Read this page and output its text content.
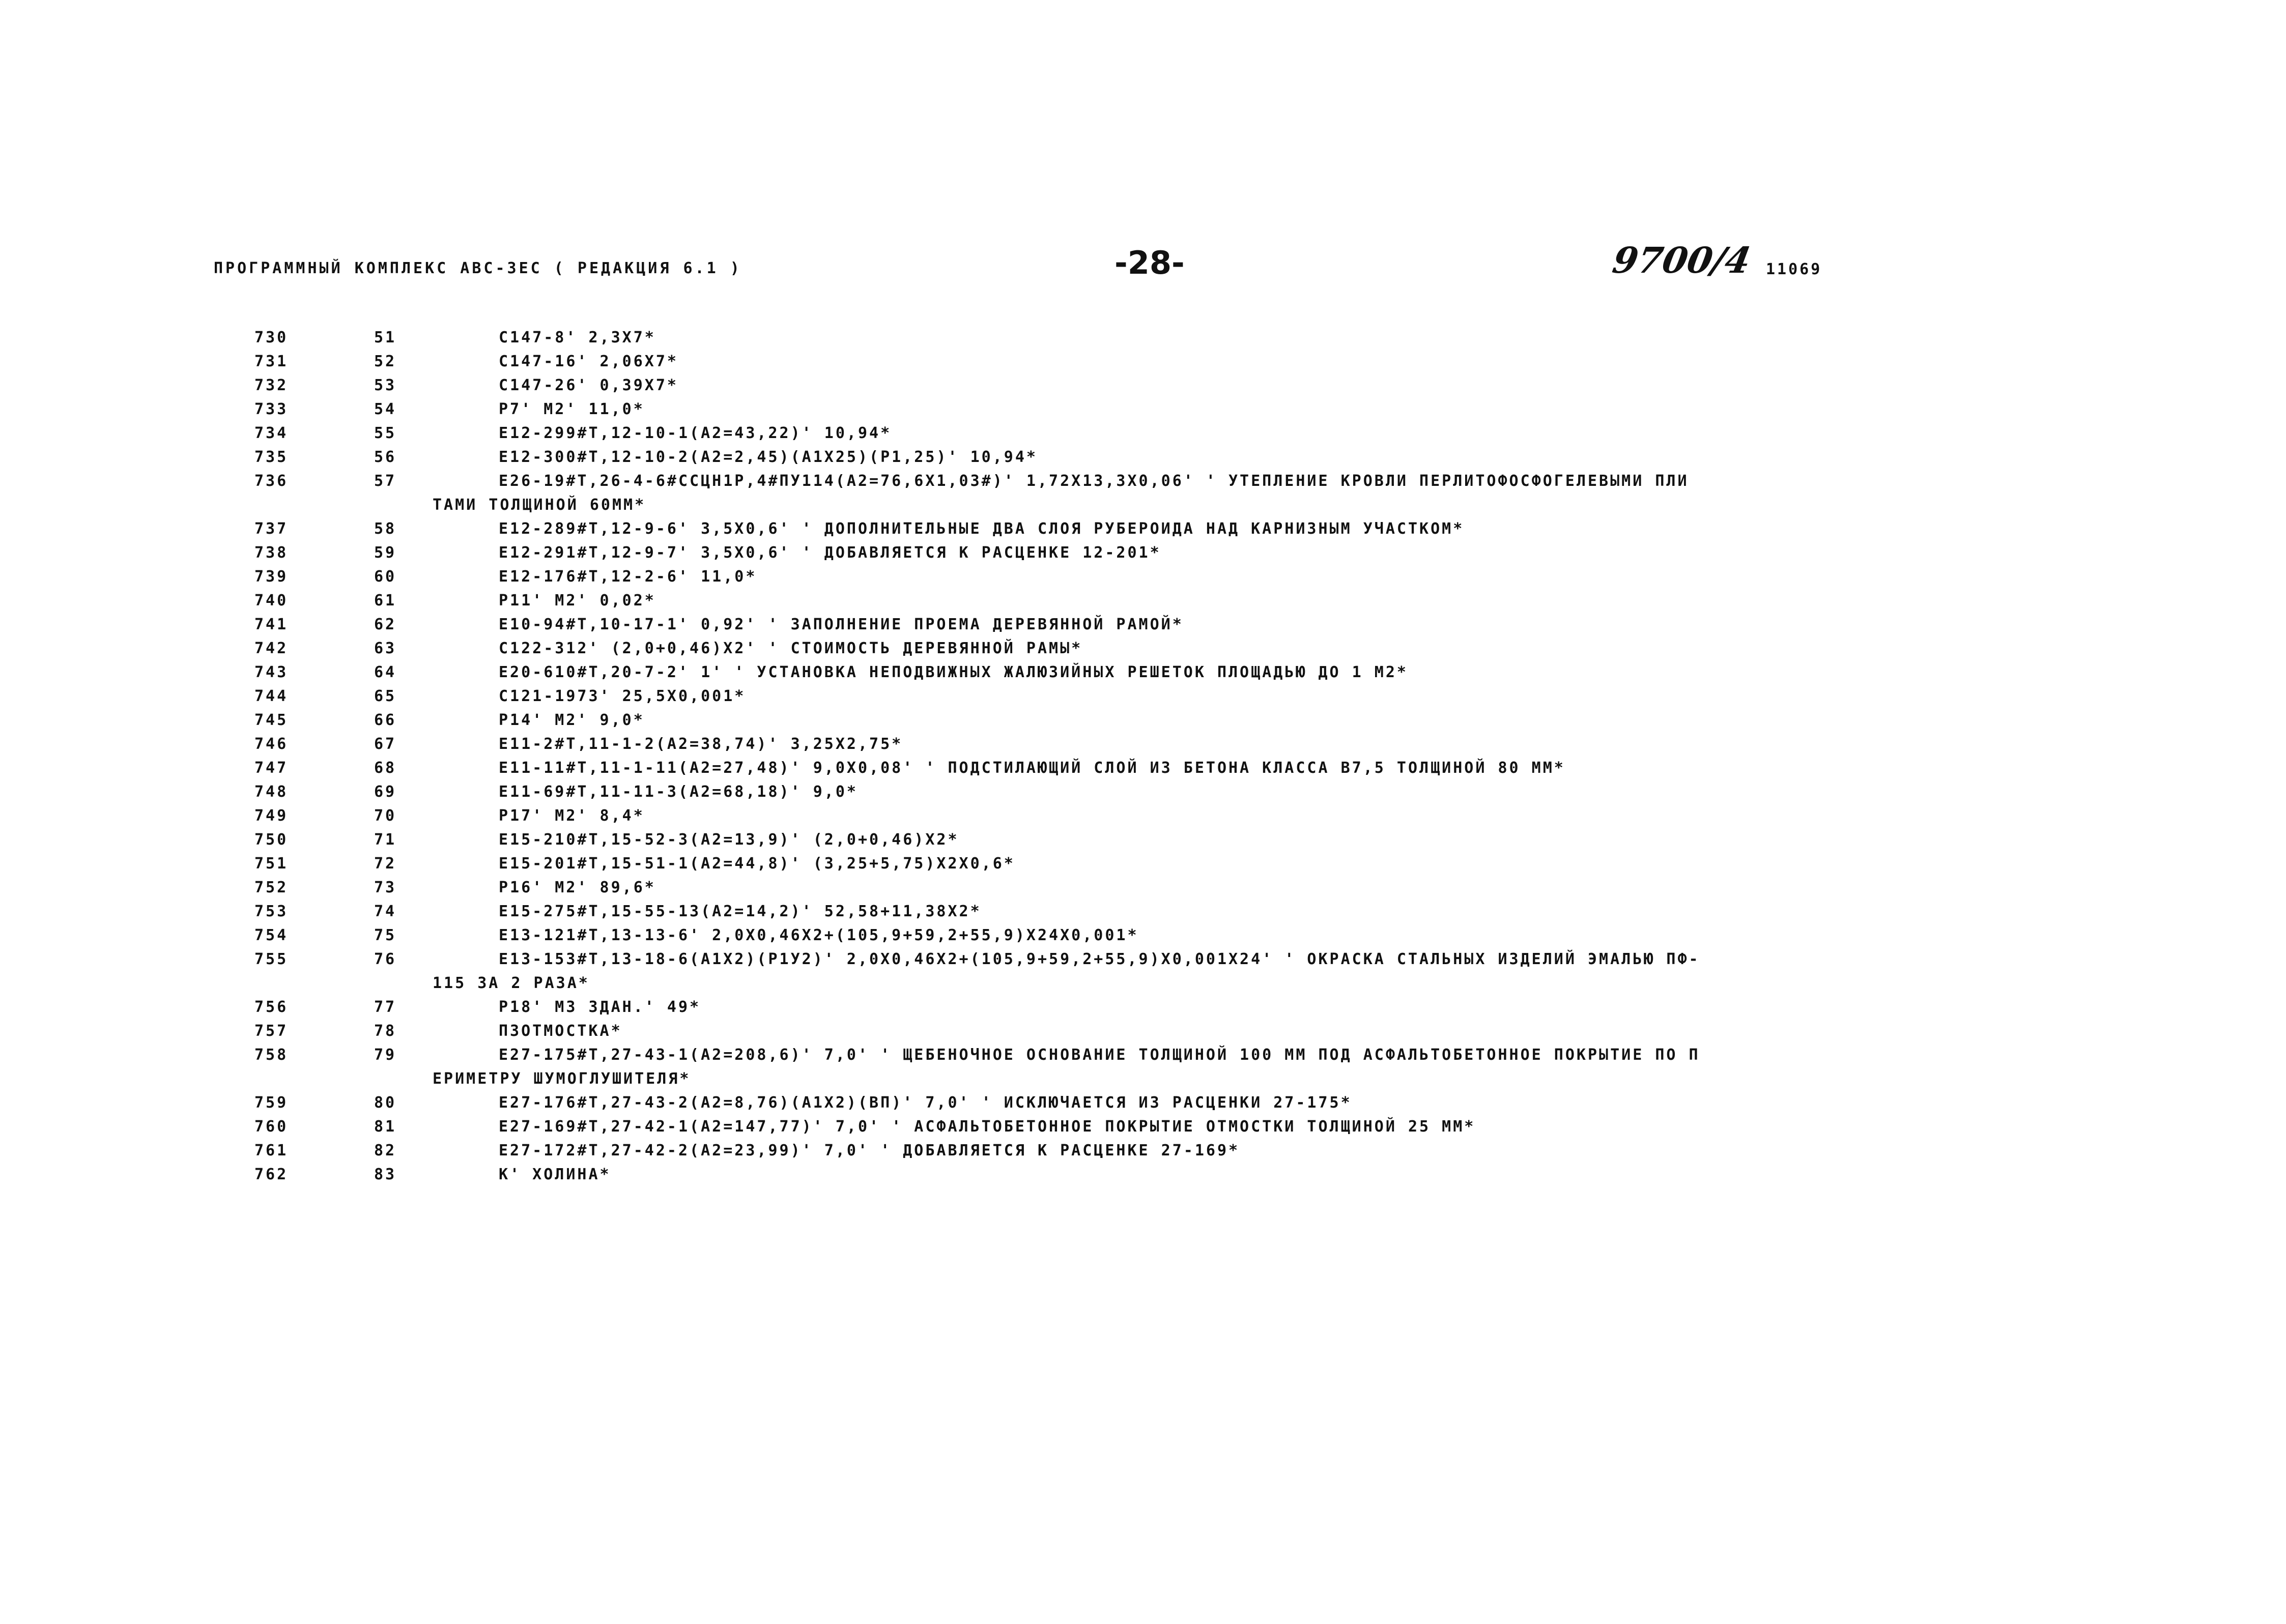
ПРОГРАММНЫЙ КОМПЛЕКС АВС-3ЕС ( РЕДАКЦИЯ 6.1 )	-28-	9700/4 11069
730	51	С147-8' 2,3Х7*
731	52	С147-16' 2,06Х7*
732	53	С147-26' 0,39Х7*
733	54	Р7' М2' 11,0*
734	55	Е12-299#Т,12-10-1(А2=43,22)' 10,94*
735	56	Е12-300#Т,12-10-2(А2=2,45)(А1Х25)(Р1,25)' 10,94*
736	57	Е26-19#Т,26-4-6#ССЦН1Р,4#ПУ114(А2=76,6Х1,03#)' 1,72Х13,3Х0,06' ' УТЕПЛЕНИЕ КРОВЛИ ПЕРЛИТОФОСФОГЕЛЕВЫМИ ПЛИ
ТАМИ ТОЛЩИНОЙ 60ММ*
737	58	Е12-289#Т,12-9-6' 3,5Х0,6' ' ДОПОЛНИТЕЛЬНЫЕ ДВА СЛОЯ РУБЕРОИДА НАД КАРНИЗНЫМ УЧАСТКОМ*
738	59	Е12-291#Т,12-9-7' 3,5Х0,6' ' ДОБАВЛЯЕТСЯ К РАСЦЕНКЕ 12-201*
739	60	Е12-176#Т,12-2-6' 11,0*
740	61	Р11' М2' 0,02*
741	62	Е10-94#Т,10-17-1' 0,92' ' ЗАПОЛНЕНИЕ ПРОЕМА ДЕРЕВЯННОЙ РАМОЙ*
742	63	С122-312' (2,0+0,46)Х2' ' СТОИМОСТЬ ДЕРЕВЯННОЙ РАМЫ*
743	64	Е20-610#Т,20-7-2' 1' ' УСТАНОВКА НЕПОДВИЖНЫХ ЖАЛЮЗИЙНЫХ РЕШЕТОК ПЛОЩАДЬЮ ДО 1 М2*
744	65	С121-1973' 25,5Х0,001*
745	66	Р14' М2' 9,0*
746	67	Е11-2#Т,11-1-2(А2=38,74)' 3,25Х2,75*
747	68	Е11-11#Т,11-1-11(А2=27,48)' 9,0Х0,08' ' ПОДСТИЛАЮЩИЙ СЛОЙ ИЗ БЕТОНА КЛАССА В7,5 ТОЛЩИНОЙ 80 ММ*
748	69	Е11-69#Т,11-11-3(А2=68,18)' 9,0*
749	70	Р17' М2' 8,4*
750	71	Е15-210#Т,15-52-3(А2=13,9)' (2,0+0,46)Х2*
751	72	Е15-201#Т,15-51-1(А2=44,8)' (3,25+5,75)Х2Х0,6*
752	73	Р16' М2' 89,6*
753	74	Е15-275#Т,15-55-13(А2=14,2)' 52,58+11,38Х2*
754	75	Е13-121#Т,13-13-6' 2,0Х0,46Х2+(105,9+59,2+55,9)Х24Х0,001*
755	76	Е13-153#Т,13-18-6(А1Х2)(Р1У2)' 2,0Х0,46Х2+(105,9+59,2+55,9)Х0,001Х24' ' ОКРАСКА СТАЛЬНЫХ ИЗДЕЛИЙ ЭМАЛЬЮ ПФ-
115 ЗА 2 РАЗА*
756	77	Р18' МЗ ЗДАН.' 49*
757	78	ПЗОТМОСТКА*
758	79	Е27-175#Т,27-43-1(А2=208,6)' 7,0' ' ЩЕБЕНОЧНОЕ ОСНОВАНИЕ ТОЛЩИНОЙ 100 ММ ПОД АСФАЛЬТОБЕТОННОЕ ПОКРЫТИЕ ПО П
ЕРИМЕТРУ ШУМОГЛУШИТЕЛЯ*
759	80	Е27-176#Т,27-43-2(А2=8,76)(А1Х2)(ВП)' 7,0' ' ИСКЛЮЧАЕТСЯ ИЗ РАСЦЕНКИ 27-175*
760	81	Е27-169#Т,27-42-1(А2=147,77)' 7,0' ' АСФАЛЬТОБЕТОННОЕ ПОКРЫТИЕ ОТМОСТКИ ТОЛЩИНОЙ 25 ММ*
761	82	Е27-172#Т,27-42-2(А2=23,99)' 7,0' ' ДОБАВЛЯЕТСЯ К РАСЦЕНКЕ 27-169*
762	83	К' ХОЛИНА*
